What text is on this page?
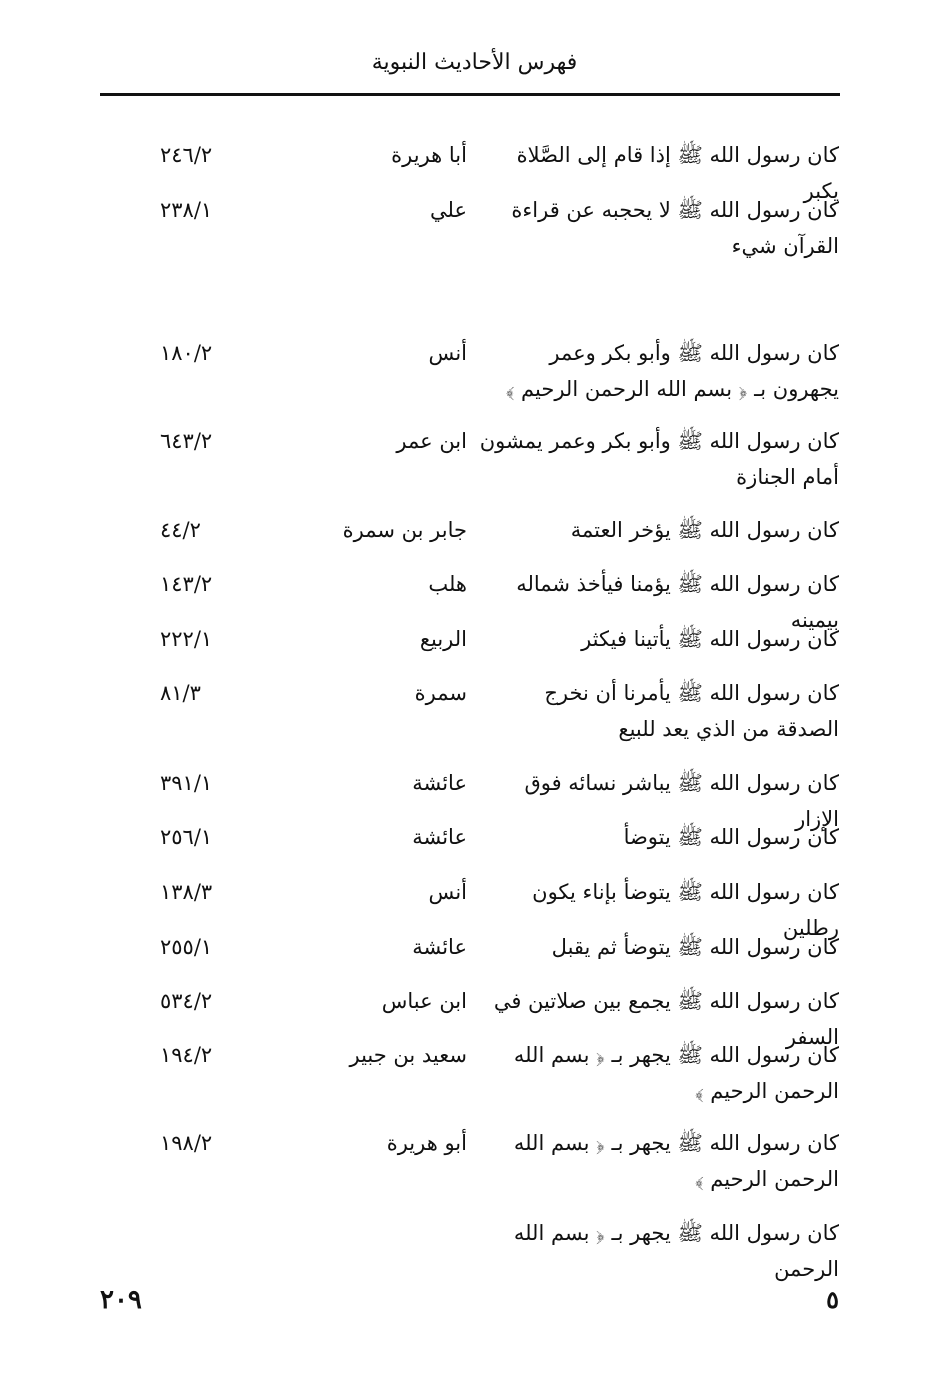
فهرس الأحاديث النبوية
كان رسول الله ﷺ إذا قام إلى الصَّلاة يكبر
أبا هريرة
٢٤٦/٢
كان رسول الله ﷺ لا يحجبه عن قراءة القرآن شيء
علي
٢٣٨/١
كان رسول الله ﷺ وأبو بكر وعمر يجهرون بـ ﴿ بسم الله الرحمن الرحيم ﴾
أنس
١٨٠/٢
كان رسول الله ﷺ وأبو بكر وعمر يمشون أمام الجنازة
ابن عمر
٦٤٣/٢
كان رسول الله ﷺ يؤخر العتمة
جابر بن سمرة
٤٤/٢
كان رسول الله ﷺ يؤمنا فيأخذ شماله بيمينه
هلب
١٤٣/٢
كان رسول الله ﷺ يأتينا فيكثر
الربيع
٢٢٢/١
كان رسول الله ﷺ يأمرنا أن نخرج الصدقة من الذي يعد للبيع
سمرة
٨١/٣
كان رسول الله ﷺ يباشر نسائه فوق الإزار
عائشة
٣٩١/١
كان رسول الله ﷺ يتوضأ
عائشة
٢٥٦/١
كان رسول الله ﷺ يتوضأ بإناء يكون رطلين
أنس
١٣٨/٣
كان رسول الله ﷺ يتوضأ ثم يقبل
عائشة
٢٥٥/١
كان رسول الله ﷺ يجمع بين صلاتين في السفر
ابن عباس
٥٣٤/٢
كان رسول الله ﷺ يجهر بـ ﴿ بسم الله الرحمن الرحيم ﴾
سعيد بن جبير
١٩٤/٢
كان رسول الله ﷺ يجهر بـ ﴿ بسم الله الرحمن الرحيم ﴾
أبو هريرة
١٩٨/٢
كان رسول الله ﷺ يجهر بـ ﴿ بسم الله الرحمن
٢٠٩	٥
